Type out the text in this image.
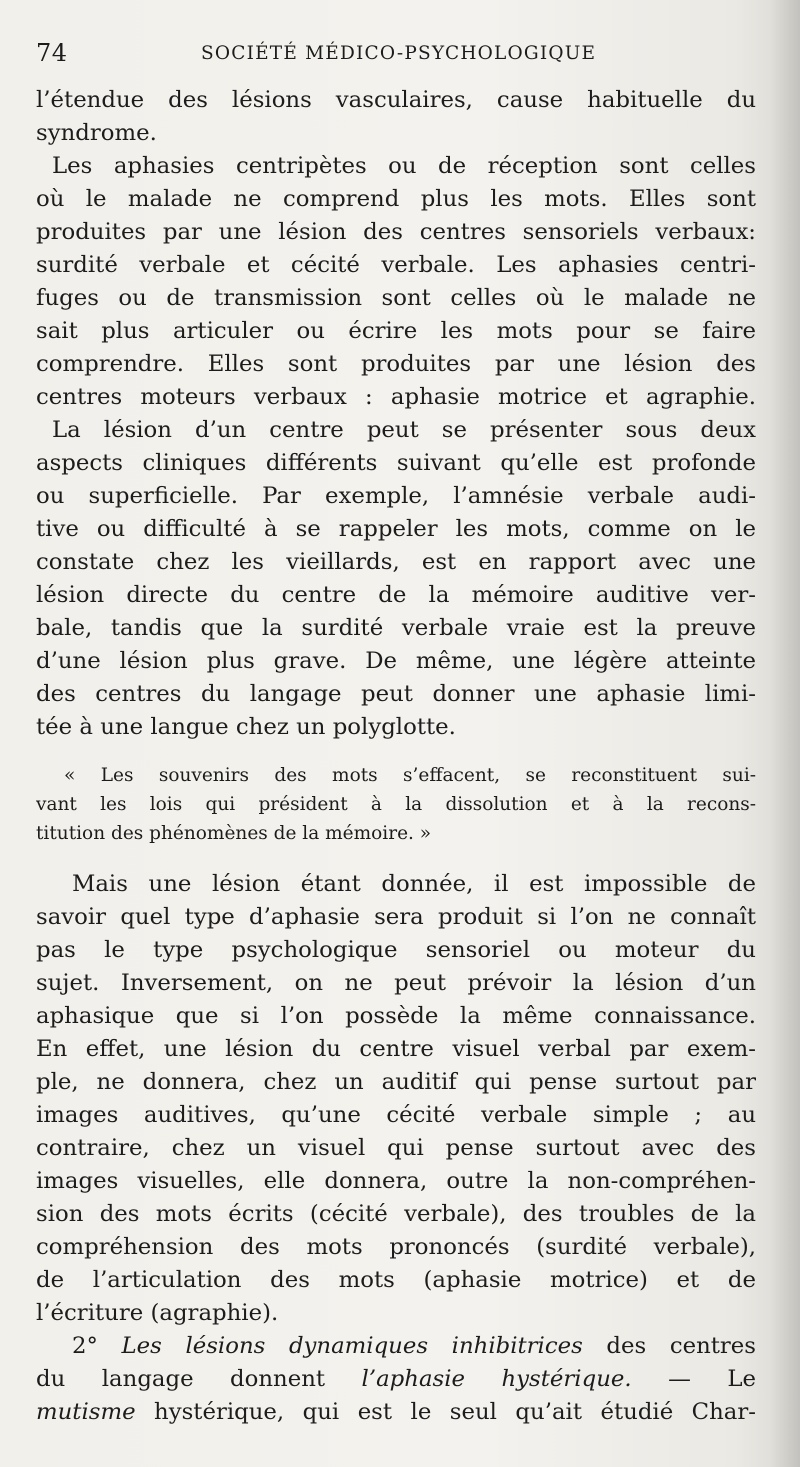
74	SOCIÉTÉ MÉDICO-PSYCHOLOGIQUE
l’étendue des lésions vasculaires, cause habituelle du
syndrome.
Les aphasies centripètes ou de réception sont celles
où le malade ne comprend plus les mots. Elles sont
produites par une lésion des centres sensoriels verbaux:
surdité verbale et cécité verbale. Les aphasies centri-
fuges ou de transmission sont celles où le malade ne
sait plus articuler ou écrire les mots pour se faire
comprendre. Elles sont produites par une lésion des
centres moteurs verbaux : aphasie motrice et agraphie.
La lésion d’un centre peut se présenter sous deux
aspects cliniques différents suivant qu’elle est profonde
ou superficielle. Par exemple, l’amnésie verbale audi-
tive ou difficulté à se rappeler les mots, comme on le
constate chez les vieillards, est en rapport avec une
lésion directe du centre de la mémoire auditive ver-
bale, tandis que la surdité verbale vraie est la preuve
d’une lésion plus grave. De même, une légère atteinte
des centres du langage peut donner une aphasie limi-
tée à une langue chez un polyglotte.
« Les souvenirs des mots s’effacent, se reconstituent sui-
vant les lois qui président à la dissolution et à la recons-
titution des phénomènes de la mémoire. »
Mais une lésion étant donnée, il est impossible de
savoir quel type d’aphasie sera produit si l’on ne connaît
pas le type psychologique sensoriel ou moteur du
sujet. Inversement, on ne peut prévoir la lésion d’un
aphasique que si l’on possède la même connaissance.
En effet, une lésion du centre visuel verbal par exem-
ple, ne donnera, chez un auditif qui pense surtout par
images auditives, qu’une cécité verbale simple ; au
contraire, chez un visuel qui pense surtout avec des
images visuelles, elle donnera, outre la non-compréhen-
sion des mots écrits (cécité verbale), des troubles de la
compréhension des mots prononcés (surdité verbale),
de l’articulation des mots (aphasie motrice) et de
l’écriture (agraphie).
2° Les lésions dynamiques inhibitrices des centres
du langage donnent l’aphasie hystérique. — Le
mutisme hystérique, qui est le seul qu’ait étudié Char-
